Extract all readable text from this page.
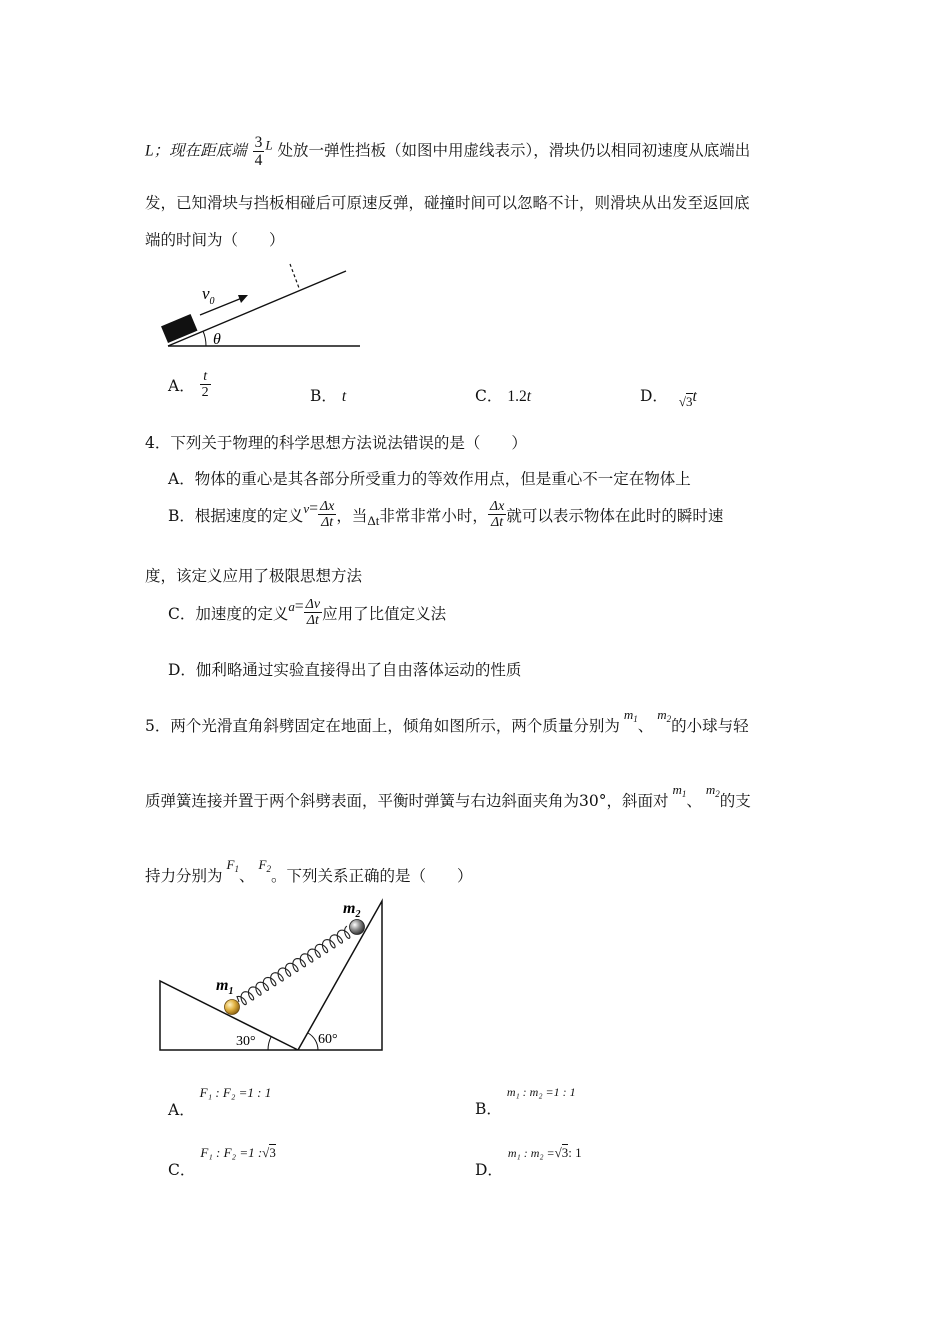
L；现在距底端 $\frac{3}{4} ^L$ 处放一弹性挡板（如图中用虚线表示），滑块仍以相同初速度从底端出
发，已知滑块与挡板相碰后可原速反弹，碰撞时间可以忽略不计，则滑块从出发至返回底
端的时间为（　　）
$v_0$
θ
A． $\frac{t}{2}$	B． t	C． 1.2t	D． $_{√3}$t
4．下列关于物理的科学思想方法说法错误的是（　　）
A．物体的重心是其各部分所受重力的等效作用点，但是重心不一定在物体上
B．根据速度的定义$^v= \frac{\Delta x}{\Delta t}$ ，当$_{\Delta t}$非常非常小时， $\frac{\Delta x}{\Delta t}$ 就可以表示物体在此时的瞬时速
度，该定义应用了极限思想方法
C．加速度的定义$^a= \frac{\Delta v}{\Delta t}$ 应用了比值定义法
D．伽利略通过实验直接得出了自由落体运动的性质
5．两个光滑直角斜劈固定在地面上，倾角如图所示，两个质量分别为$^{m_1}$、$^{m_2}$的小球与轻
质弹簧连接并置于两个斜劈表面，平衡时弹簧与右边斜面夹角为30°，斜面对$^{m_1}$、$^{m_2}$的支
持力分别为$^{F_1}$、$^{F_2}$。下列关系正确的是（　　）
$m_1$
$m_2$
30°	60°
A． $^{F_1 : F_2 =1 : 1}$
B． $^{m_1 : m_2 =1 : 1}$
C． $^{F_1 : F_2 =1 :√3}$
D． $^{m_1 : m_2 =√3: 1}$
